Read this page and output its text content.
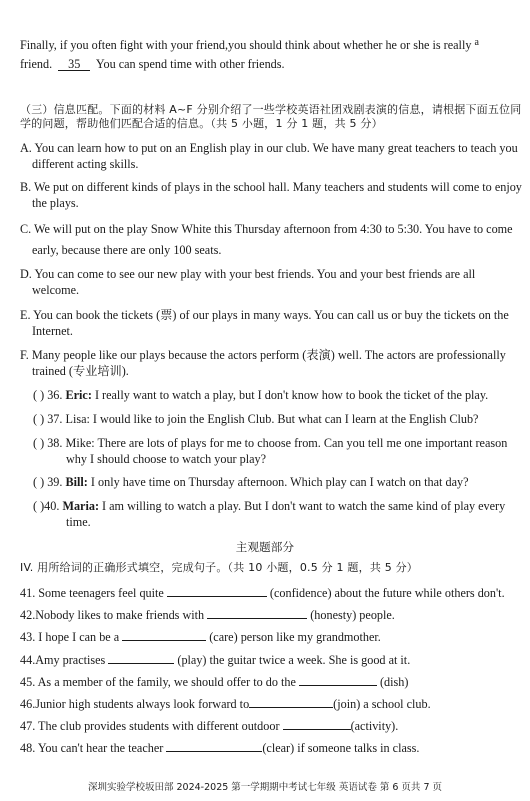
Finally, if you often fight with your friend,you should think about whether he or she is really $^a$
friend. 35 You can spend time with other friends.
（三）信息匹配。下面的材料 A~F 分别介绍了一些学校英语社团戏剧表演的信息，请根据下面五位同学的问题，帮助他们匹配合适的信息。（共 5 小题，1 分 1 题，共 5 分）
A. You can learn how to put on an English play in our club. We have many great teachers to teach you different acting skills.
B. We put on different kinds of plays in the school hall. Many teachers and students will come to enjoy the plays.
C. We will put on the play Snow White this Thursday afternoon from 4:30 to 5:30. You have to come early, because there are only 100 seats.
D. You can come to see our new play with your best friends. You and your best friends are all welcome.
E. You can book the tickets (票) of our plays in many ways. You can call us or buy the tickets on the Internet.
F. Many people like our plays because the actors perform (表演) well. The actors are professionally trained (专业培训).
( ) 36. Eric: I really want to watch a play, but I don't know how to book the ticket of the play.
( ) 37. Lisa: I would like to join the English Club. But what can I learn at the English Club?
( ) 38. Mike: There are lots of plays for me to choose from. Can you tell me one important reason why I should choose to watch your play?
( ) 39. Bill: I only have time on Thursday afternoon. Which play can I watch on that day?
( )40. Maria: I am willing to watch a play. But I don't want to watch the same kind of play every time.
主观题部分
IV. 用所给词的正确形式填空，完成句子。（共 10 小题，0.5 分 1 题，共 5 分）
41. Some teenagers feel quite	(confidence) about the future while others don't.
42.Nobody likes to make friends with	(honesty) people.
43. I hope I can be a	(care) person like my grandmother.
44.Amy practises	(play) the guitar twice a week. She is good at it.
45. As a member of the family, we should offer to do the	(dish)
46.Junior high students always look forward to	(join) a school club.
47. The club provides students with different outdoor	(activity).
48. You can't hear the teacher	(clear) if someone talks in class.
深圳实验学校坂田部 2024-2025 第一学期期中考试七年级 英语试卷 第 6 页共 7 页
